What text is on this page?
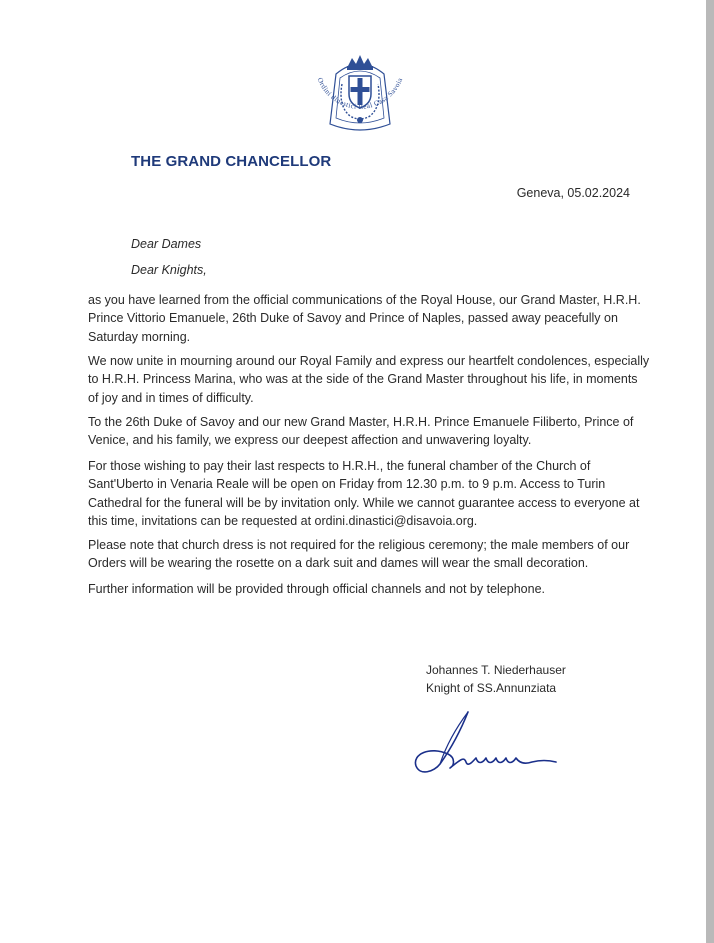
Ordini dinastici Real Casa Savoia
THE GRAND CHANCELLOR
Geneva, 05.02.2024
Dear Dames
Dear Knights,
as you have learned from the official communications of the Royal House, our Grand Master, H.R.H.
Prince Vittorio Emanuele, 26th Duke of Savoy and Prince of Naples, passed away peacefully on
Saturday morning.
We now unite in mourning around our Royal Family and express our heartfelt condolences, especially
to H.R.H. Princess Marina, who was at the side of the Grand Master throughout his life, in moments
of joy and in times of difficulty.
To the 26th Duke of Savoy and our new Grand Master, H.R.H. Prince Emanuele Filiberto, Prince of
Venice, and his family, we express our deepest affection and unwavering loyalty.
For those wishing to pay their last respects to H.R.H., the funeral chamber of the Church of
Sant'Uberto in Venaria Reale will be open on Friday from 12.30 p.m. to 9 p.m. Access to Turin
Cathedral for the funeral will be by invitation only. While we cannot guarantee access to everyone at
this time, invitations can be requested at ordini.dinastici@disavoia.org.
Please note that church dress is not required for the religious ceremony; the male members of our
Orders will be wearing the rosette on a dark suit and dames will wear the small decoration.
Further information will be provided through official channels and not by telephone.
Johannes T. Niederhauser
Knight of SS.Annunziata
